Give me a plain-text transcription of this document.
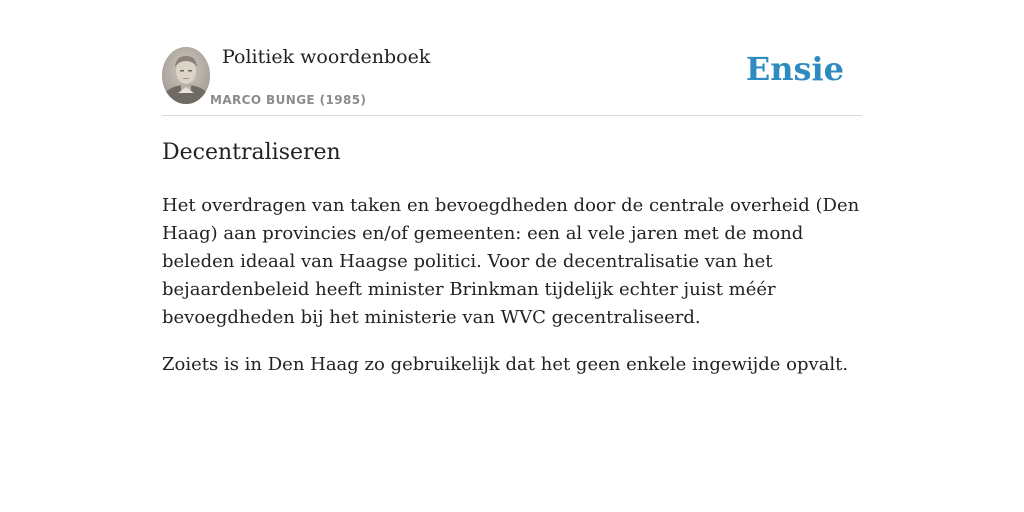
Politiek woordenboek
MARCO BUNGE (1985)
Ensie
Decentraliseren

Het overdragen van taken en bevoegdheden door de centrale overheid (Den Haag) aan provincies en/of gemeenten: een al vele jaren met de mond beleden ideaal van Haagse politici. Voor de decentralisatie van het bejaardenbeleid heeft minister Brinkman tijdelijk echter juist méér bevoegdheden bij het ministerie van WVC gecentraliseerd.

Zoiets is in Den Haag zo gebruikelijk dat het geen enkele ingewijde opvalt.
